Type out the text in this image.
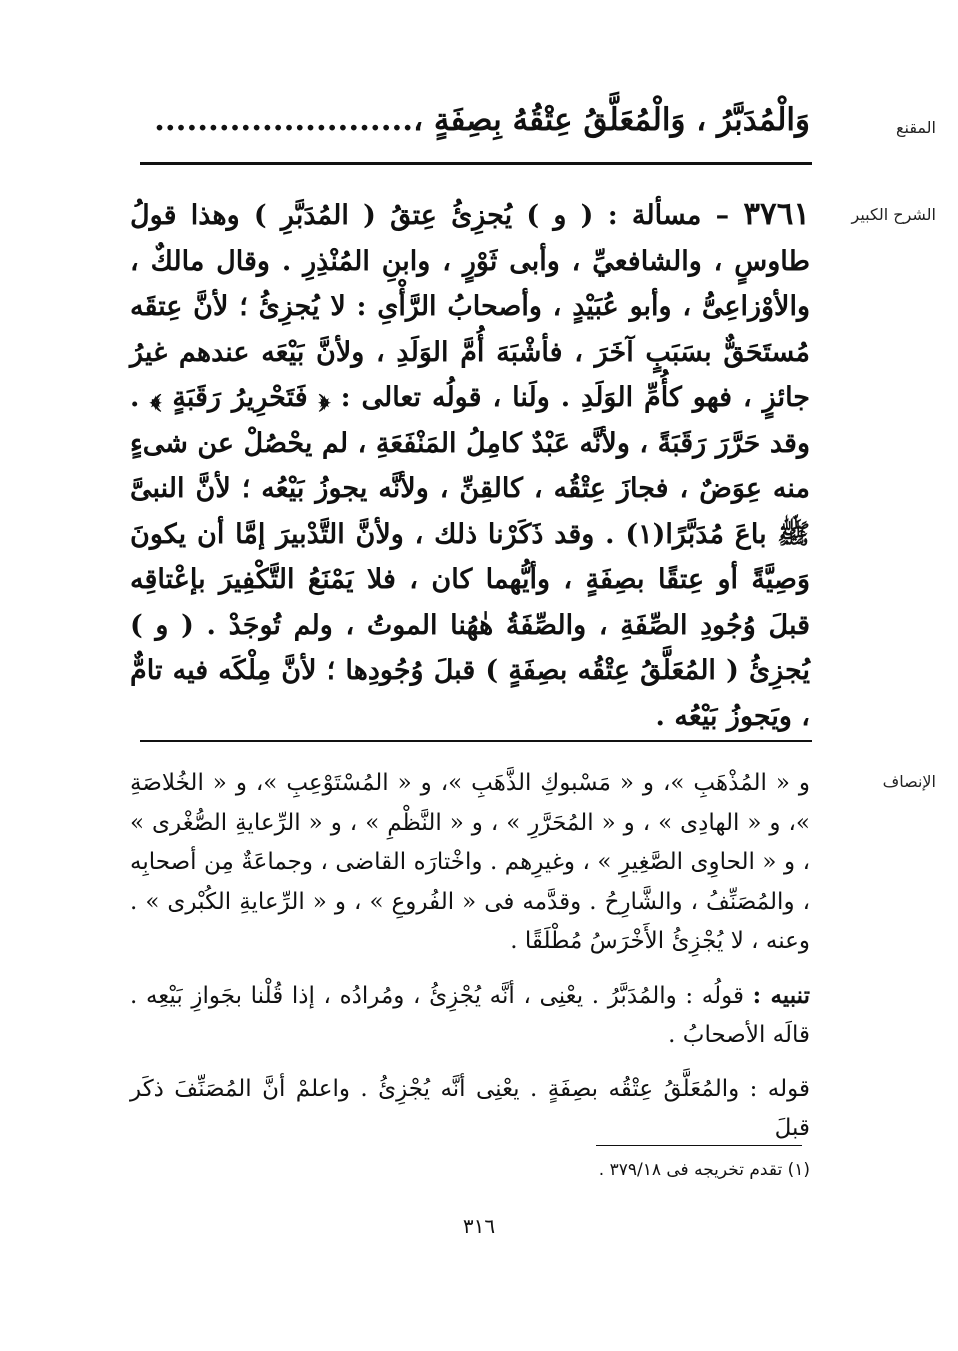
المقنع
وَالْمُدَبَّرُ ، وَالْمُعَلَّقُ عِتْقُهُ بِصِفَةٍ ،........................
الشرح الكبير

٣٧٦١ – مسألة : ( و ) يُجزِئُ عِتقُ ( المُدَبَّرِ ) وهذا قولُ طاوسٍ ، والشافعيِّ ، وأبى ثَوْرٍ ، وابنِ المُنْذِرِ . وقال مالكٌ ، والأوْزاعِىُّ ، وأبو عُبَيْدٍ ، وأصحابُ الرَّأْىِ : لا يُجزِئُ ؛ لأنَّ عِتقَه مُستَحَقٌّ بسَبَبٍ آخَرَ ، فأشْبَهَ أُمَّ الوَلَدِ ، ولأنَّ بَيْعَه عندهم غيرُ جائزٍ ، فهو كأُمِّ الوَلَدِ . ولَنا ، قولُه تعالى : ﴿ فَتَحْرِيرُ رَقَبَةٍ ﴾ . وقد حَرَّرَ رَقَبَةً ، ولأنَّه عَبْدٌ كامِلُ المَنْفَعَةِ ، لم يحْصُلْ عن شىءٍ منه عِوَضٌ ، فجازَ عِتْقُه ، كالقِنِّ ، ولأنَّه يجوزُ بَيْعُه ؛ لأنَّ النبىَّ ﷺ باعَ مُدَبَّرًا(١) . وقد ذَكَرْنا ذلك ، ولأنَّ التَّدْبيرَ إمَّا أن يكونَ وَصِيَّةً أو عِتقًا بصِفَةٍ ، وأيُّهما كان ، فلا يَمْنَعُ التَّكْفِيرَ بإعْتاقِه قبلَ وُجُودِ الصِّفَةِ ، والصِّفَةُ هٰهُنا الموتُ ، ولم تُوجَدْ . ( و ) يُجزِئُ ( المُعَلَّقُ عِتْقُه بصِفَةٍ ) قبلَ وُجُودِها ؛ لأنَّ مِلْكَه فيه تامٌّ ، ويَجوزُ بَيْعُه .

الإنصاف

و « المُذْهَبِ »، و « مَسْبوكِ الذَّهَبِ »، و « المُسْتَوْعِبِ »، و « الخُلاصَةِ »، و « الهادِى » ، و « المُحَرَّرِ » ، و « النَّظْمِ » ، و « الرِّعايةِ الصُّغْرى » ، و « الحاوِى الصَّغِيرِ » ، وغيرِهم . واخْتارَه القاضى ، وجماعَةٌ مِن أصحابِه ، والمُصَنِّفُ ، والشَّارِحُ . وقدَّمه فى « الفُروعِ » ، و « الرِّعايةِ الكُبْرى » . وعنه ، لا يُجْزِئُ الأَخْرَسُ مُطْلَقًا .

تنبيه : قولُه : والمُدَبَّرُ . يعْنِى ، أنَّه يُجْزِئُ ، ومُرادُه ، إذا قُلْنا بجَوازِ بَيْعِه . قالَه الأصحابُ .

قوله : والمُعَلَّقُ عِتْقُه بصِفَةٍ . يعْنِى أنَّه يُجْزِئُ . واعلمْ أنَّ المُصَنِّفَ ذكَر قبلَ

(١) تقدم تخريجه فى ٣٧٩/١٨ .
٣١٦
